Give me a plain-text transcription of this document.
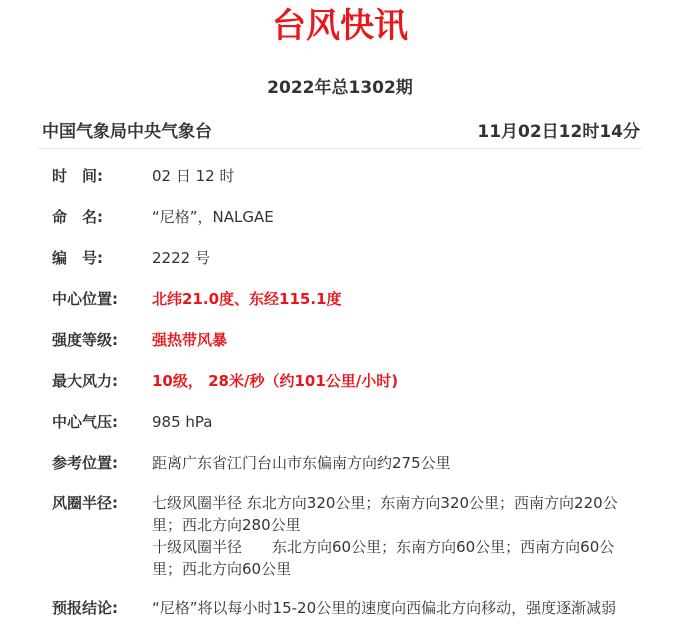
台风快讯
2022年总1302期
中国气象局中央气象台	11月02日12时14分
时　间:	02 日 12 时
命　名:	“尼格”，NALGAE
编　号:	2222 号
中心位置:	北纬21.0度、东经115.1度
强度等级:	强热带风暴
最大风力:	10级， 28米/秒（约101公里/小时)
中心气压:	985 hPa
参考位置:	距离广东省江门台山市东偏南方向约275公里
风圈半径:	七级风圈半径 东北方向320公里；东南方向320公里；西南方向220公里；西北方向280公里
十级风圈半径　　东北方向60公里；东南方向60公里；西南方向60公里；西北方向60公里
预报结论:	“尼格”将以每小时15-20公里的速度向西偏北方向移动，强度逐渐减弱
